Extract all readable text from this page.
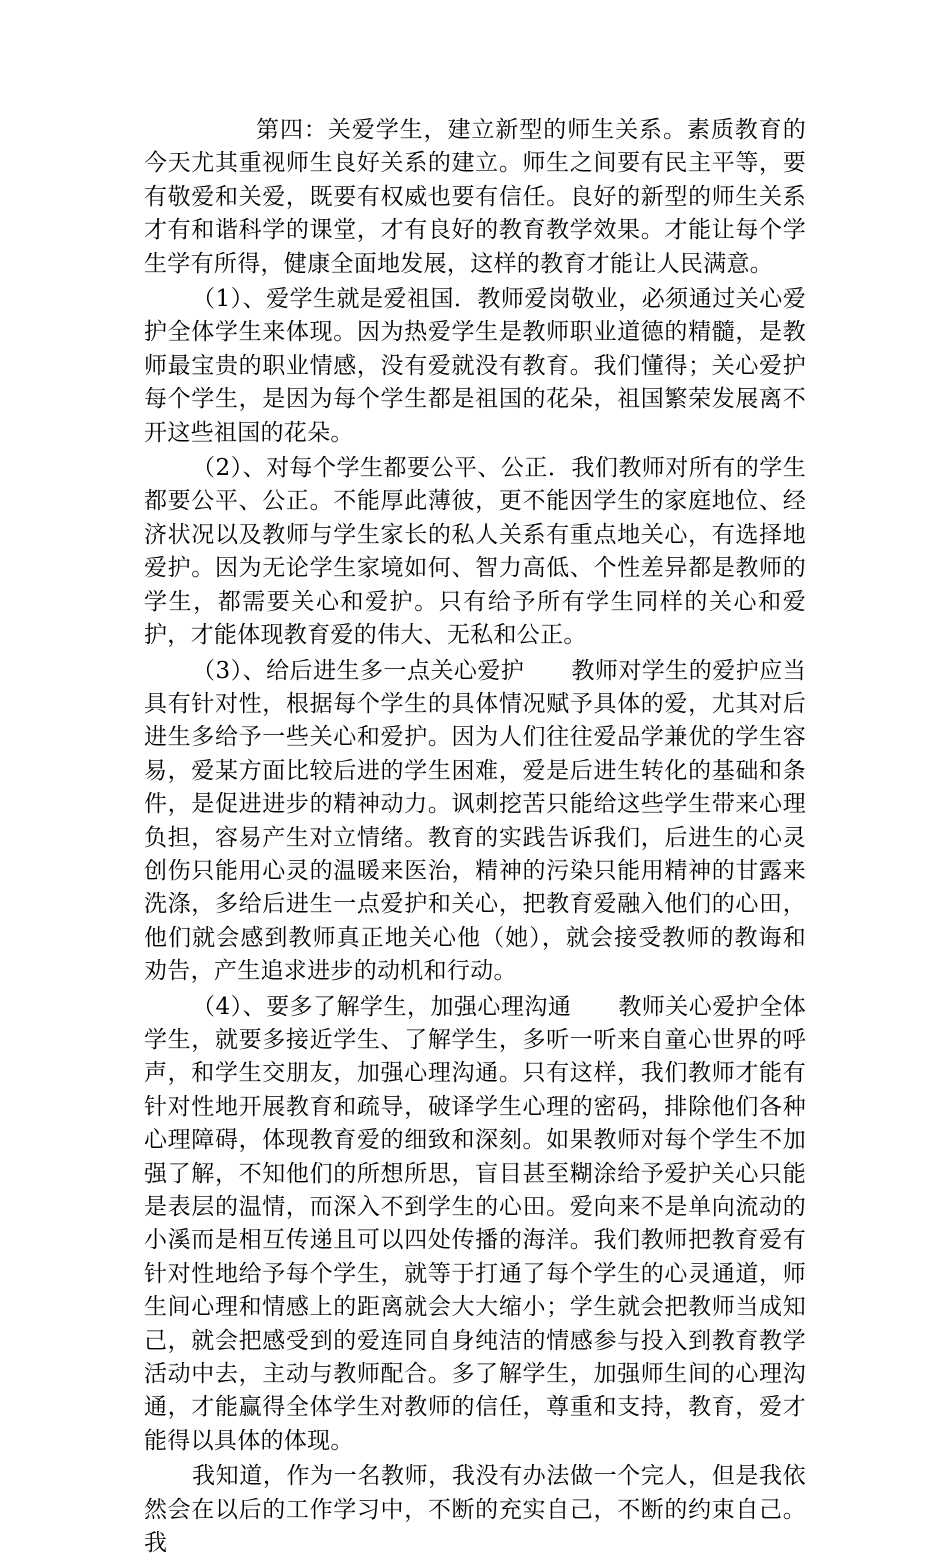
第四：关爱学生，建立新型的师生关系。素质教育的今天尤其重视师生良好关系的建立。师生之间要有民主平等，要有敬爱和关爱，既要有权威也要有信任。良好的新型的师生关系才有和谐科学的课堂，才有良好的教育教学效果。才能让每个学生学有所得，健康全面地发展，这样的教育才能让人民满意。

（1）、爱学生就是爱祖国．教师爱岗敬业，必须通过关心爱护全体学生来体现。因为热爱学生是教师职业道德的精髓，是教师最宝贵的职业情感，没有爱就没有教育。我们懂得；关心爱护每个学生，是因为每个学生都是祖国的花朵，祖国繁荣发展离不开这些祖国的花朵。

（2）、对每个学生都要公平、公正．我们教师对所有的学生都要公平、公正。不能厚此薄彼，更不能因学生的家庭地位、经济状况以及教师与学生家长的私人关系有重点地关心，有选择地爱护。因为无论学生家境如何、智力高低、个性差异都是教师的学生，都需要关心和爱护。只有给予所有学生同样的关心和爱护，才能体现教育爱的伟大、无私和公正。

（3）、给后进生多一点关心爱护　　教师对学生的爱护应当具有针对性，根据每个学生的具体情况赋予具体的爱，尤其对后进生多给予一些关心和爱护。因为人们往往爱品学兼优的学生容易，爱某方面比较后进的学生困难，爱是后进生转化的基础和条件，是促进进步的精神动力。讽刺挖苦只能给这些学生带来心理负担，容易产生对立情绪。教育的实践告诉我们，后进生的心灵创伤只能用心灵的温暖来医治，精神的污染只能用精神的甘露来洗涤，多给后进生一点爱护和关心，把教育爱融入他们的心田，他们就会感到教师真正地关心他（她），就会接受教师的教诲和劝告，产生追求进步的动机和行动。

（4）、要多了解学生，加强心理沟通　　教师关心爱护全体学生，就要多接近学生、了解学生，多听一听来自童心世界的呼声，和学生交朋友，加强心理沟通。只有这样，我们教师才能有针对性地开展教育和疏导，破译学生心理的密码，排除他们各种心理障碍，体现教育爱的细致和深刻。如果教师对每个学生不加强了解，不知他们的所想所思，盲目甚至糊涂给予爱护关心只能是表层的温情，而深入不到学生的心田。爱向来不是单向流动的小溪而是相互传递且可以四处传播的海洋。我们教师把教育爱有针对性地给予每个学生，就等于打通了每个学生的心灵通道，师生间心理和情感上的距离就会大大缩小；学生就会把教师当成知己，就会把感受到的爱连同自身纯洁的情感参与投入到教育教学活动中去，主动与教师配合。多了解学生，加强师生间的心理沟通，才能赢得全体学生对教师的信任，尊重和支持，教育，爱才能得以具体的体现。

我知道，作为一名教师，我没有办法做一个完人，但是我依然会在以后的工作学习中，不断的充实自己，不断的约束自己。我
